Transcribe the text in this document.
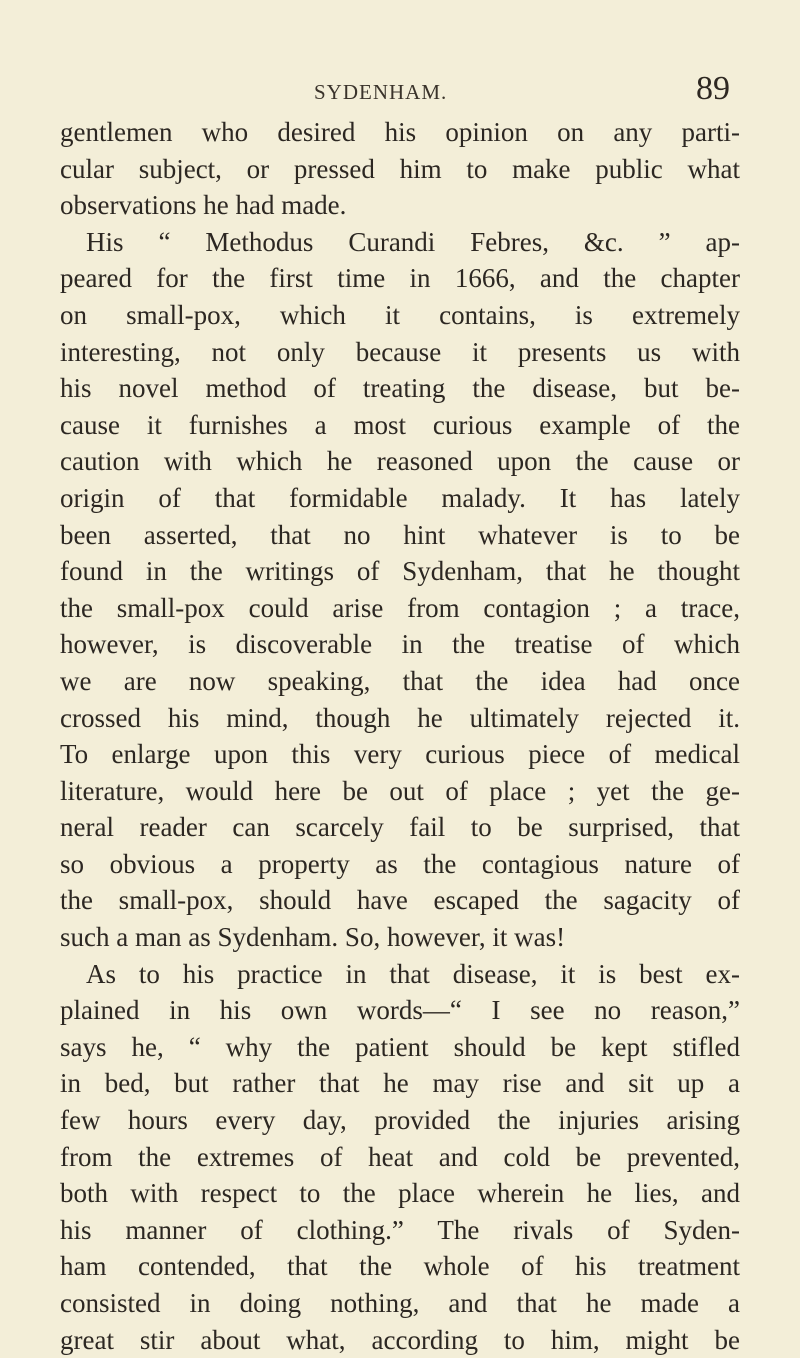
SYDENHAM.	89
gentlemen who desired his opinion on any parti-
cular subject, or pressed him to make public what
observations he had made.
His “ Methodus Curandi Febres, &c. ” ap-
peared for the first time in 1666, and the chapter
on small-pox, which it contains, is extremely
interesting, not only because it presents us with
his novel method of treating the disease, but be-
cause it furnishes a most curious example of the
caution with which he reasoned upon the cause or
origin of that formidable malady. It has lately
been asserted, that no hint whatever is to be
found in the writings of Sydenham, that he thought
the small-pox could arise from contagion ; a trace,
however, is discoverable in the treatise of which
we are now speaking, that the idea had once
crossed his mind, though he ultimately rejected it.
To enlarge upon this very curious piece of medical
literature, would here be out of place ; yet the ge-
neral reader can scarcely fail to be surprised, that
so obvious a property as the contagious nature of
the small-pox, should have escaped the sagacity of
such a man as Sydenham. So, however, it was!
As to his practice in that disease, it is best ex-
plained in his own words—“ I see no reason,”
says he, “ why the patient should be kept stifled
in bed, but rather that he may rise and sit up a
few hours every day, provided the injuries arising
from the extremes of heat and cold be prevented,
both with respect to the place wherein he lies, and
his manner of clothing.” The rivals of Syden-
ham contended, that the whole of his treatment
consisted in doing nothing, and that he made a
great stir about what, according to him, might be
